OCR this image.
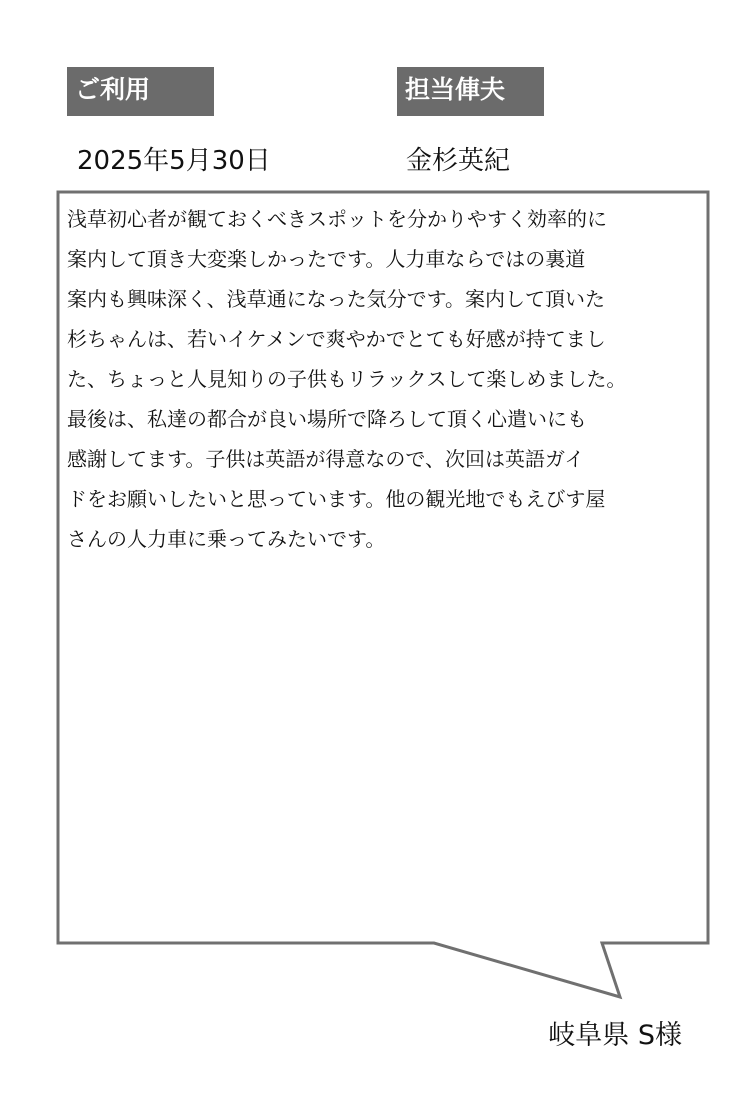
ご利用	担当俥夫
2025年5月30日	金杉英紀

浅草初心者が観ておくべきスポットを分かりやすく効率的に
案内して頂き大変楽しかったです。人力車ならではの裏道
案内も興味深く、浅草通になった気分です。案内して頂いた
杉ちゃんは、若いイケメンで爽やかでとても好感が持てまし
た、ちょっと人見知りの子供もリラックスして楽しめました。
最後は、私達の都合が良い場所で降ろして頂く心遣いにも
感謝してます。子供は英語が得意なので、次回は英語ガイ
ドをお願いしたいと思っています。他の観光地でもえびす屋
さんの人力車に乗ってみたいです。

岐阜県 S様
